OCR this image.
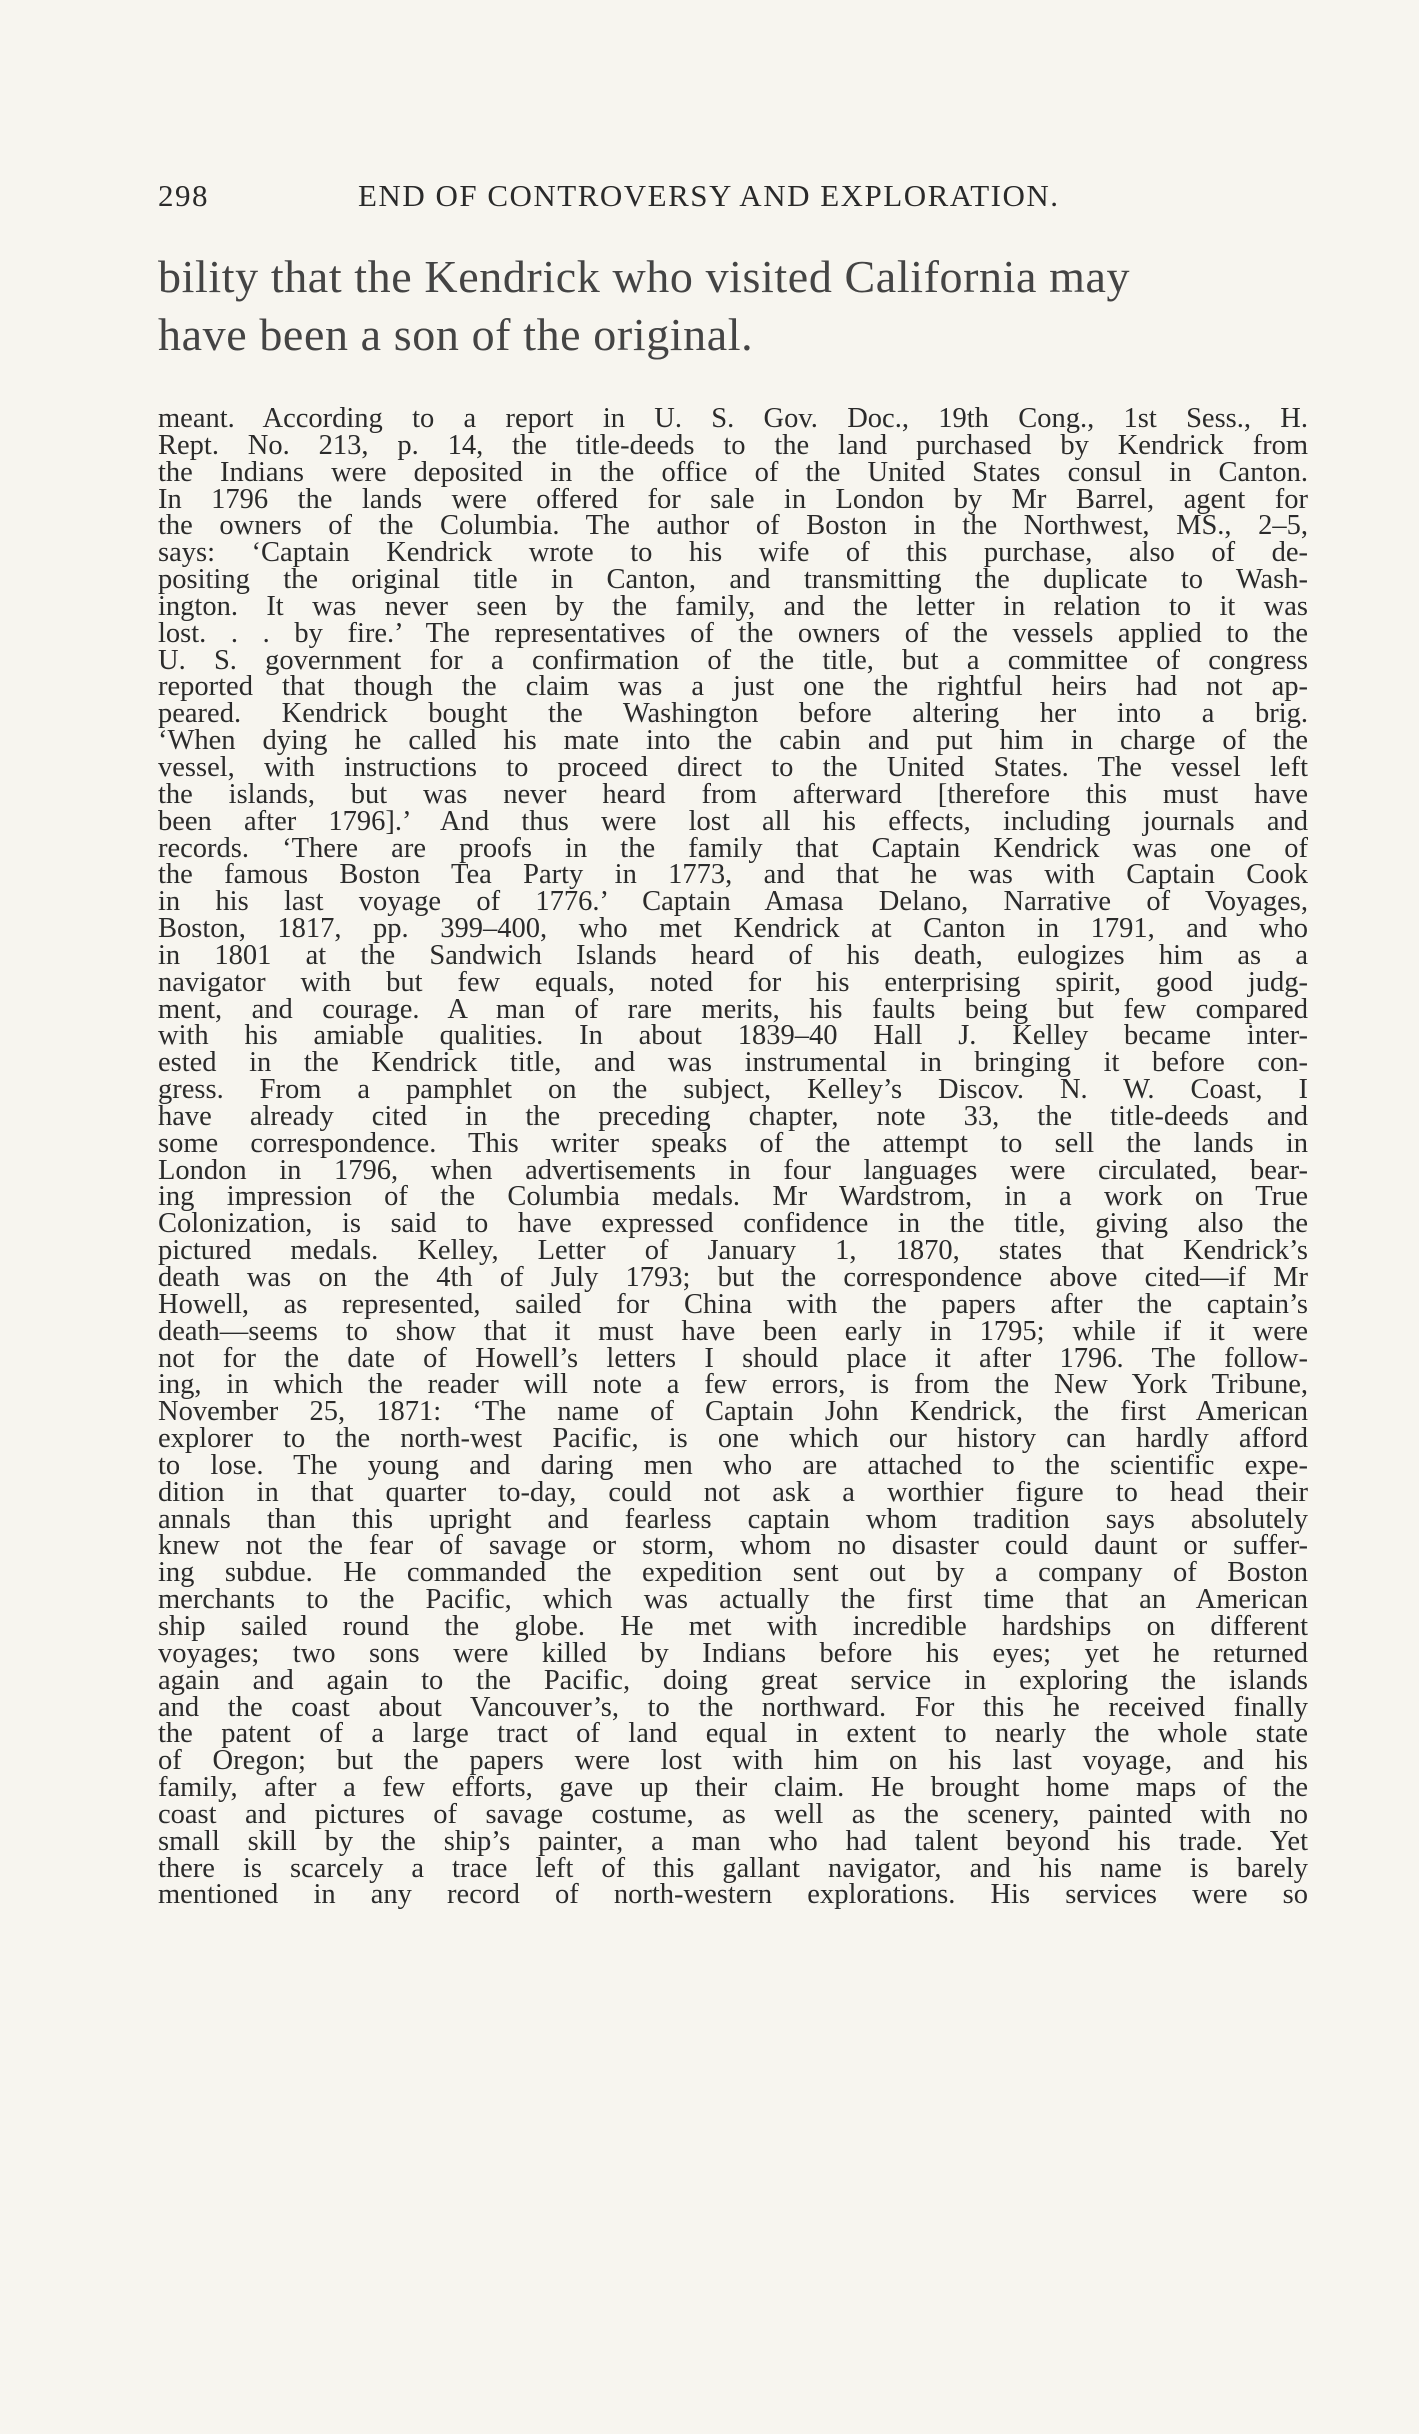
298	END OF CONTROVERSY AND EXPLORATION.
bility that the Kendrick who visited California may
have been a son of the original.
meant. According to a report in U. S. Gov. Doc., 19th Cong., 1st Sess., H.
Rept. No. 213, p. 14, the title-deeds to the land purchased by Kendrick from
the Indians were deposited in the office of the United States consul in Canton.
In 1796 the lands were offered for sale in London by Mr Barrel, agent for
the owners of the Columbia. The author of Boston in the Northwest, MS., 2–5,
says: ‘Captain Kendrick wrote to his wife of this purchase, also of de-
positing the original title in Canton, and transmitting the duplicate to Wash-
ington. It was never seen by the family, and the letter in relation to it was
lost. . . by fire.’ The representatives of the owners of the vessels applied to the
U. S. government for a confirmation of the title, but a committee of congress
reported that though the claim was a just one the rightful heirs had not ap-
peared. Kendrick bought the Washington before altering her into a brig.
‘When dying he called his mate into the cabin and put him in charge of the
vessel, with instructions to proceed direct to the United States. The vessel left
the islands, but was never heard from afterward [therefore this must have
been after 1796].’ And thus were lost all his effects, including journals and
records. ‘There are proofs in the family that Captain Kendrick was one of
the famous Boston Tea Party in 1773, and that he was with Captain Cook
in his last voyage of 1776.’ Captain Amasa Delano, Narrative of Voyages,
Boston, 1817, pp. 399–400, who met Kendrick at Canton in 1791, and who
in 1801 at the Sandwich Islands heard of his death, eulogizes him as a
navigator with but few equals, noted for his enterprising spirit, good judg-
ment, and courage. A man of rare merits, his faults being but few compared
with his amiable qualities. In about 1839–40 Hall J. Kelley became inter-
ested in the Kendrick title, and was instrumental in bringing it before con-
gress. From a pamphlet on the subject, Kelley’s Discov. N. W. Coast, I
have already cited in the preceding chapter, note 33, the title-deeds and
some correspondence. This writer speaks of the attempt to sell the lands in
London in 1796, when advertisements in four languages were circulated, bear-
ing impression of the Columbia medals. Mr Wardstrom, in a work on True
Colonization, is said to have expressed confidence in the title, giving also the
pictured medals. Kelley, Letter of January 1, 1870, states that Kendrick’s
death was on the 4th of July 1793; but the correspondence above cited—if Mr
Howell, as represented, sailed for China with the papers after the captain’s
death—seems to show that it must have been early in 1795; while if it were
not for the date of Howell’s letters I should place it after 1796. The follow-
ing, in which the reader will note a few errors, is from the New York Tribune,
November 25, 1871: ‘The name of Captain John Kendrick, the first American
explorer to the north-west Pacific, is one which our history can hardly afford
to lose. The young and daring men who are attached to the scientific expe-
dition in that quarter to-day, could not ask a worthier figure to head their
annals than this upright and fearless captain whom tradition says absolutely
knew not the fear of savage or storm, whom no disaster could daunt or suffer-
ing subdue. He commanded the expedition sent out by a company of Boston
merchants to the Pacific, which was actually the first time that an American
ship sailed round the globe. He met with incredible hardships on different
voyages; two sons were killed by Indians before his eyes; yet he returned
again and again to the Pacific, doing great service in exploring the islands
and the coast about Vancouver’s, to the northward. For this he received finally
the patent of a large tract of land equal in extent to nearly the whole state
of Oregon; but the papers were lost with him on his last voyage, and his
family, after a few efforts, gave up their claim. He brought home maps of the
coast and pictures of savage costume, as well as the scenery, painted with no
small skill by the ship’s painter, a man who had talent beyond his trade. Yet
there is scarcely a trace left of this gallant navigator, and his name is barely
mentioned in any record of north-western explorations. His services were so
